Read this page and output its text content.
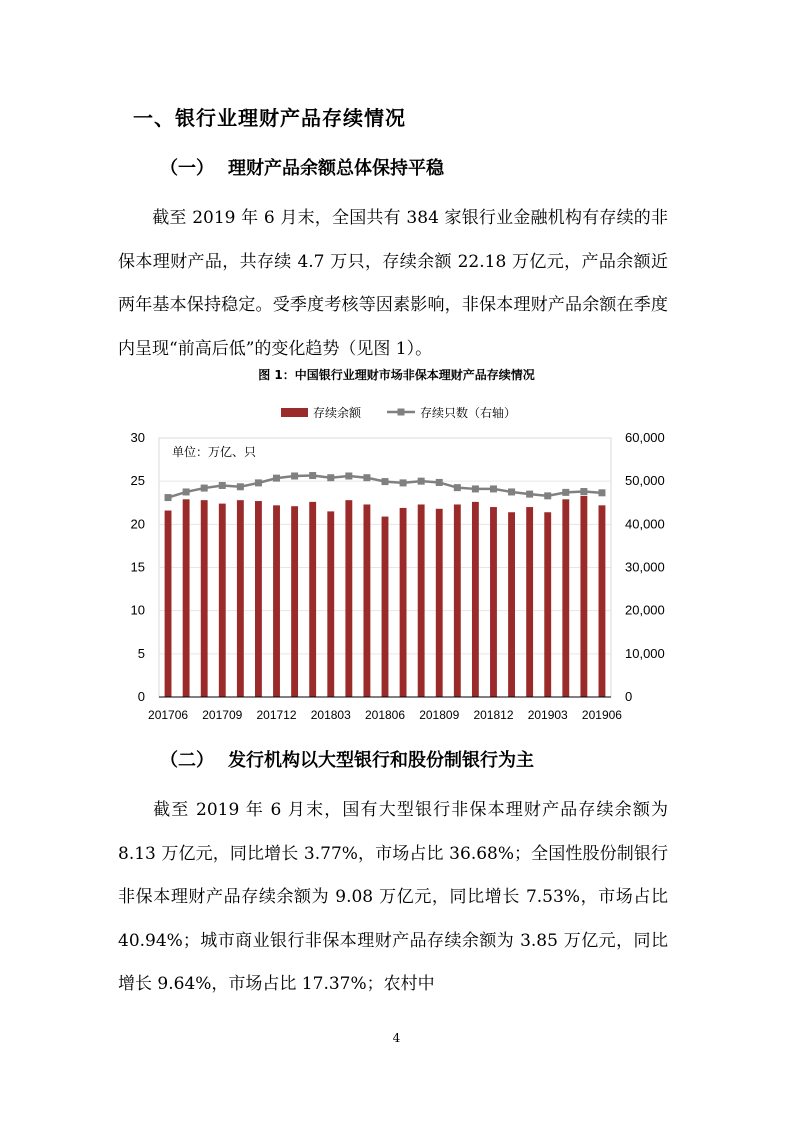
一、银行业理财产品存续情况
（一） 理财产品余额总体保持平稳
截至 2019 年 6 月末，全国共有 384 家银行业金融机构有存续的非保本理财产品，共存续 4.7 万只，存续余额 22.18 万亿元，产品余额近两年基本保持稳定。受季度考核等因素影响，非保本理财产品余额在季度内呈现“前高后低”的变化趋势（见图 1）。
图 1：中国银行业理财市场非保本理财产品存续情况
0
5
10
15
20
25
30
0
10,000
20,000
30,000
40,000
50,000
60,000
201706 201709 201712 201803 201806 201809 201812 201903 201906
单位：万亿、只
存续余额	存续只数（右轴）
（二） 发行机构以大型银行和股份制银行为主
截至 2019 年 6 月末，国有大型银行非保本理财产品存续余额为 8.13 万亿元，同比增长 3.77%，市场占比 36.68%；全国性股份制银行非保本理财产品存续余额为 9.08 万亿元，同比增长 7.53%，市场占比 40.94%；城市商业银行非保本理财产品存续余额为 3.85 万亿元，同比增长 9.64%，市场占比 17.37%；农村中
4
